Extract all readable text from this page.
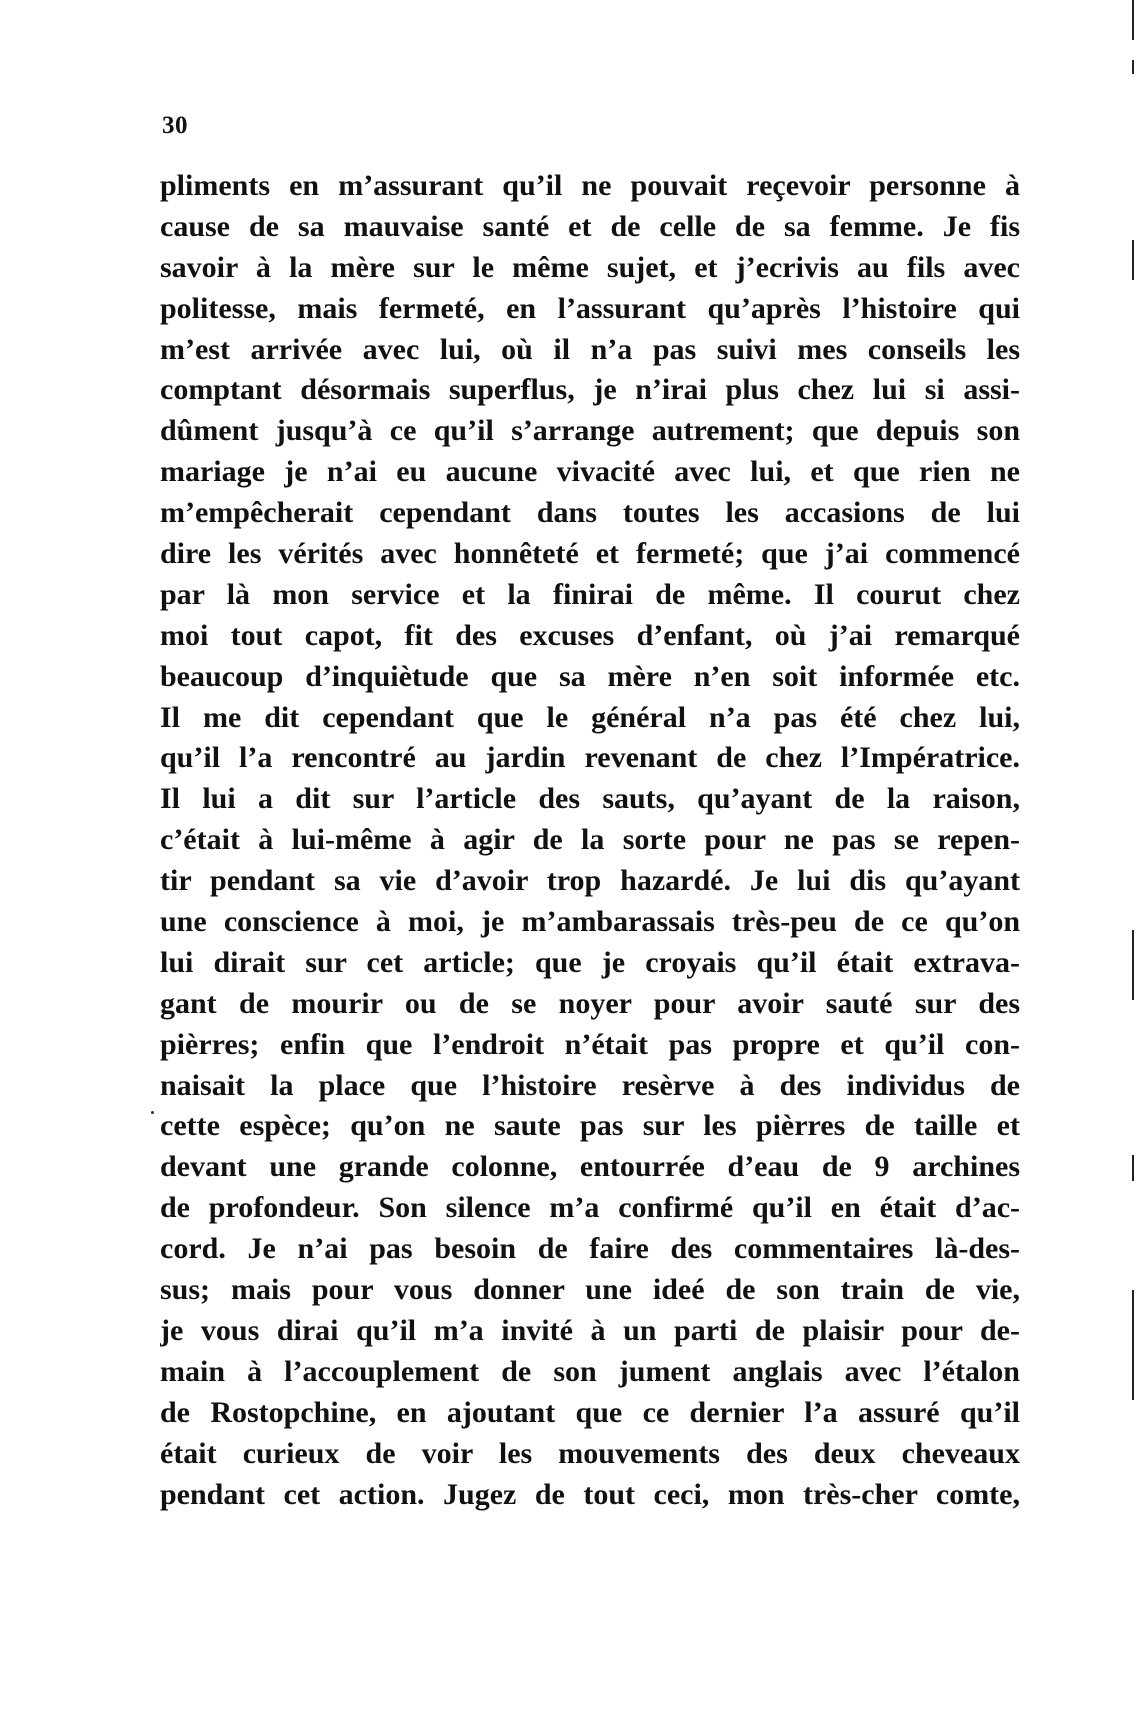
30
pliments en m’assurant qu’il ne pouvait reçevoir personne à
cause de sa mauvaise santé et de celle de sa femme. Je fis
savoir à la mère sur le même sujet, et j’ecrivis au fils avec
politesse, mais fermeté, en l’assurant qu’après l’histoire qui
m’est arrivée avec lui, où il n’a pas suivi mes conseils les
comptant désormais superflus, je n’irai plus chez lui si assi-
dûment jusqu’à ce qu’il s’arrange autrement; que depuis son
mariage je n’ai eu aucune vivacité avec lui, et que rien ne
m’empêcherait cependant dans toutes les accasions de lui
dire les vérités avec honnêteté et fermeté; que j’ai commencé
par là mon service et la finirai de même. Il courut chez
moi tout capot, fit des excuses d’enfant, où j’ai remarqué
beaucoup d’inquiètude que sa mère n’en soit informée etc.
Il me dit cependant que le général n’a pas été chez lui,
qu’il l’a rencontré au jardin revenant de chez l’Impératrice.
Il lui a dit sur l’article des sauts, qu’ayant de la raison,
c’était à lui-même à agir de la sorte pour ne pas se repen-
tir pendant sa vie d’avoir trop hazardé. Je lui dis qu’ayant
une conscience à moi, je m’ambarassais très-peu de ce qu’on
lui dirait sur cet article; que je croyais qu’il était extrava-
gant de mourir ou de se noyer pour avoir sauté sur des
pièrres; enfin que l’endroit n’était pas propre et qu’il con-
naisait la place que l’histoire resèrve à des individus de
cette espèce; qu’on ne saute pas sur les pièrres de taille et
devant une grande colonne, entourrée d’eau de 9 archines
de profondeur. Son silence m’a confirmé qu’il en était d’ac-
cord. Je n’ai pas besoin de faire des commentaires là-des-
sus; mais pour vous donner une ideé de son train de vie,
je vous dirai qu’il m’a invité à un parti de plaisir pour de-
main à l’accouplement de son jument anglais avec l’étalon
de Rostopchine, en ajoutant que ce dernier l’a assuré qu’il
était curieux de voir les mouvements des deux cheveaux
pendant cet action. Jugez de tout ceci, mon très-cher comte,
